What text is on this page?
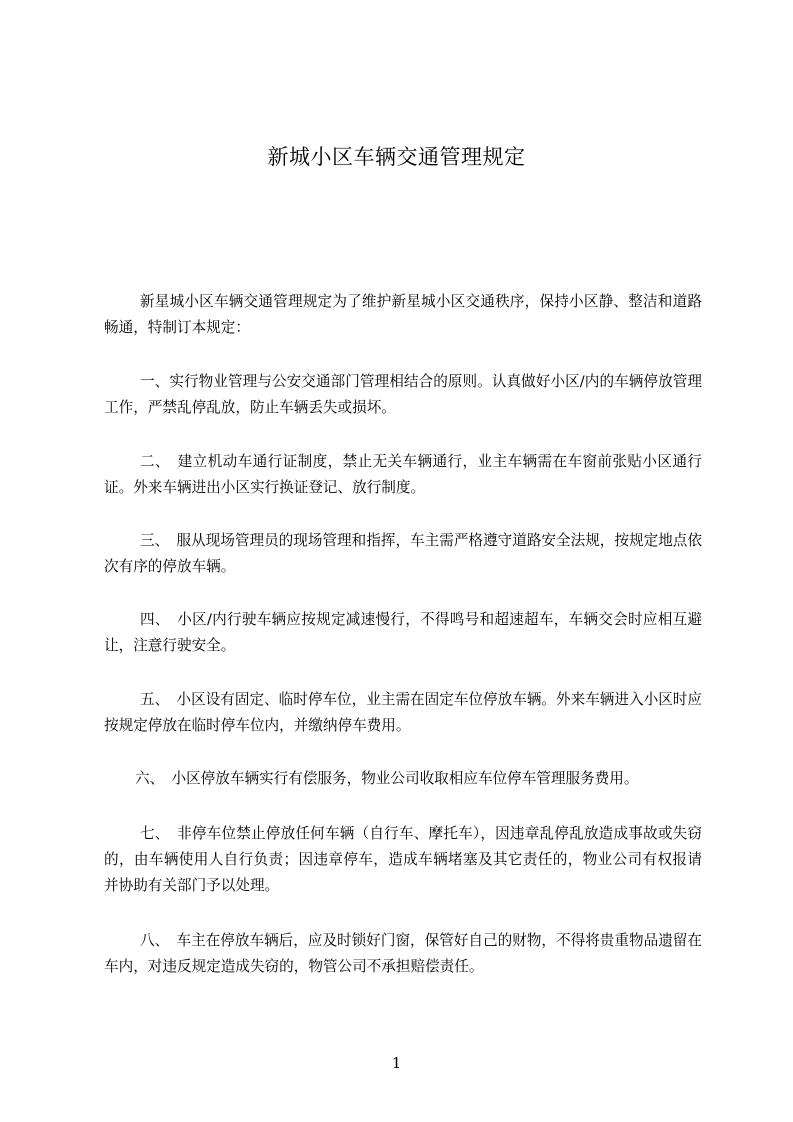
新城小区车辆交通管理规定

新星城小区车辆交通管理规定为了维护新星城小区交通秩序，保持小区静、整洁和道路畅通，特制订本规定：

一、实行物业管理与公安交通部门管理相结合的原则。认真做好小区/内的车辆停放管理工作，严禁乱停乱放，防止车辆丢失或损坏。

二、　建立机动车通行证制度，禁止无关车辆通行，业主车辆需在车窗前张贴小区通行证。外来车辆进出小区实行换证登记、放行制度。

三、　服从现场管理员的现场管理和指挥，车主需严格遵守道路安全法规，按规定地点依次有序的停放车辆。

四、　小区/内行驶车辆应按规定减速慢行，不得鸣号和超速超车，车辆交会时应相互避让，注意行驶安全。

五、　小区设有固定、临时停车位，业主需在固定车位停放车辆。外来车辆进入小区时应按规定停放在临时停车位内，并缴纳停车费用。

六、　小区停放车辆实行有偿服务，物业公司收取相应车位停车管理服务费用。

七、　非停车位禁止停放任何车辆（自行车、摩托车），因违章乱停乱放造成事故或失窃的，由车辆使用人自行负责；因违章停车，造成车辆堵塞及其它责任的，物业公司有权报请并协助有关部门予以处理。

八、　车主在停放车辆后，应及时锁好门窗，保管好自己的财物，不得将贵重物品遗留在车内，对违反规定造成失窃的，物管公司不承担赔偿责任。

1
